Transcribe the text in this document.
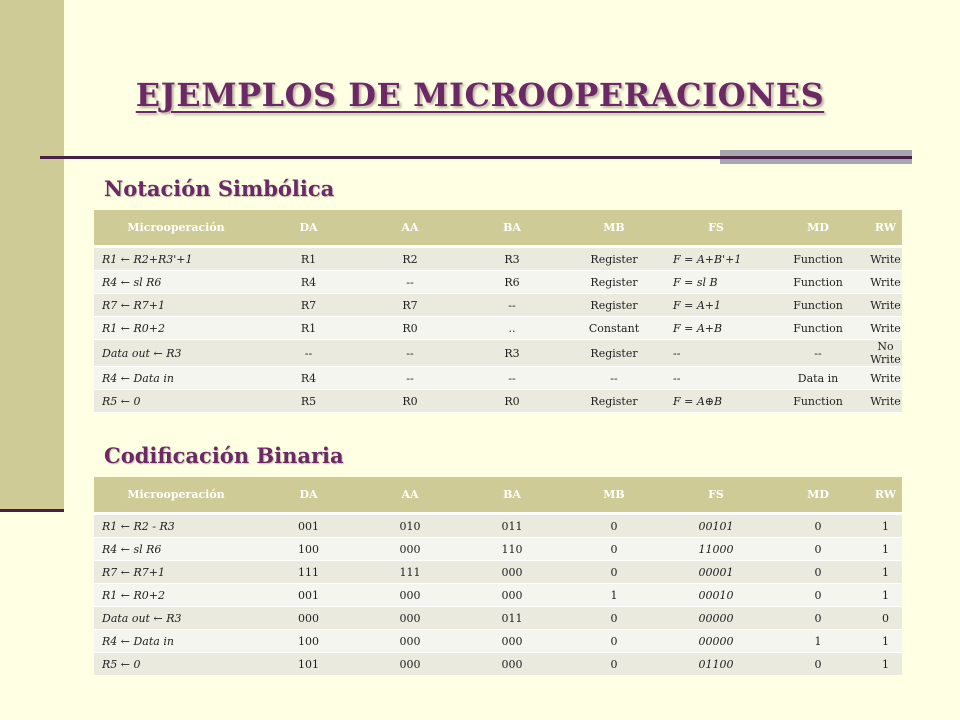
EJEMPLOS DE MICROOPERACIONES
Notación Simbólica
Microoperación	DA	AA	BA	MB	FS	MD	RW
R1 ← R2+R3'+1	R1	R2	R3	Register	F = A+B'+1	Function	Write
R4 ← sl R6	R4	--	R6	Register	F = sl B	Function	Write
R7 ← R7+1	R7	R7	--	Register	F = A+1	Function	Write
R1 ← R0+2	R1	R0	..	Constant	F = A+B	Function	Write
Data out ← R3	--	--	R3	Register	--	--	No Write
R4 ← Data in	R4	--	--	--	--	Data in	Write
R5 ← 0	R5	R0	R0	Register	F = A⊕B	Function	Write
Codificación Binaria
Microoperación	DA	AA	BA	MB	FS	MD	RW
R1 ← R2 - R3	001	010	011	0	00101	0	1
R4 ← sl R6	100	000	110	0	11000	0	1
R7 ← R7+1	111	111	000	0	00001	0	1
R1 ← R0+2	001	000	000	1	00010	0	1
Data out ← R3	000	000	011	0	00000	0	0
R4 ← Data in	100	000	000	0	00000	1	1
R5 ← 0	101	000	000	0	01100	0	1
